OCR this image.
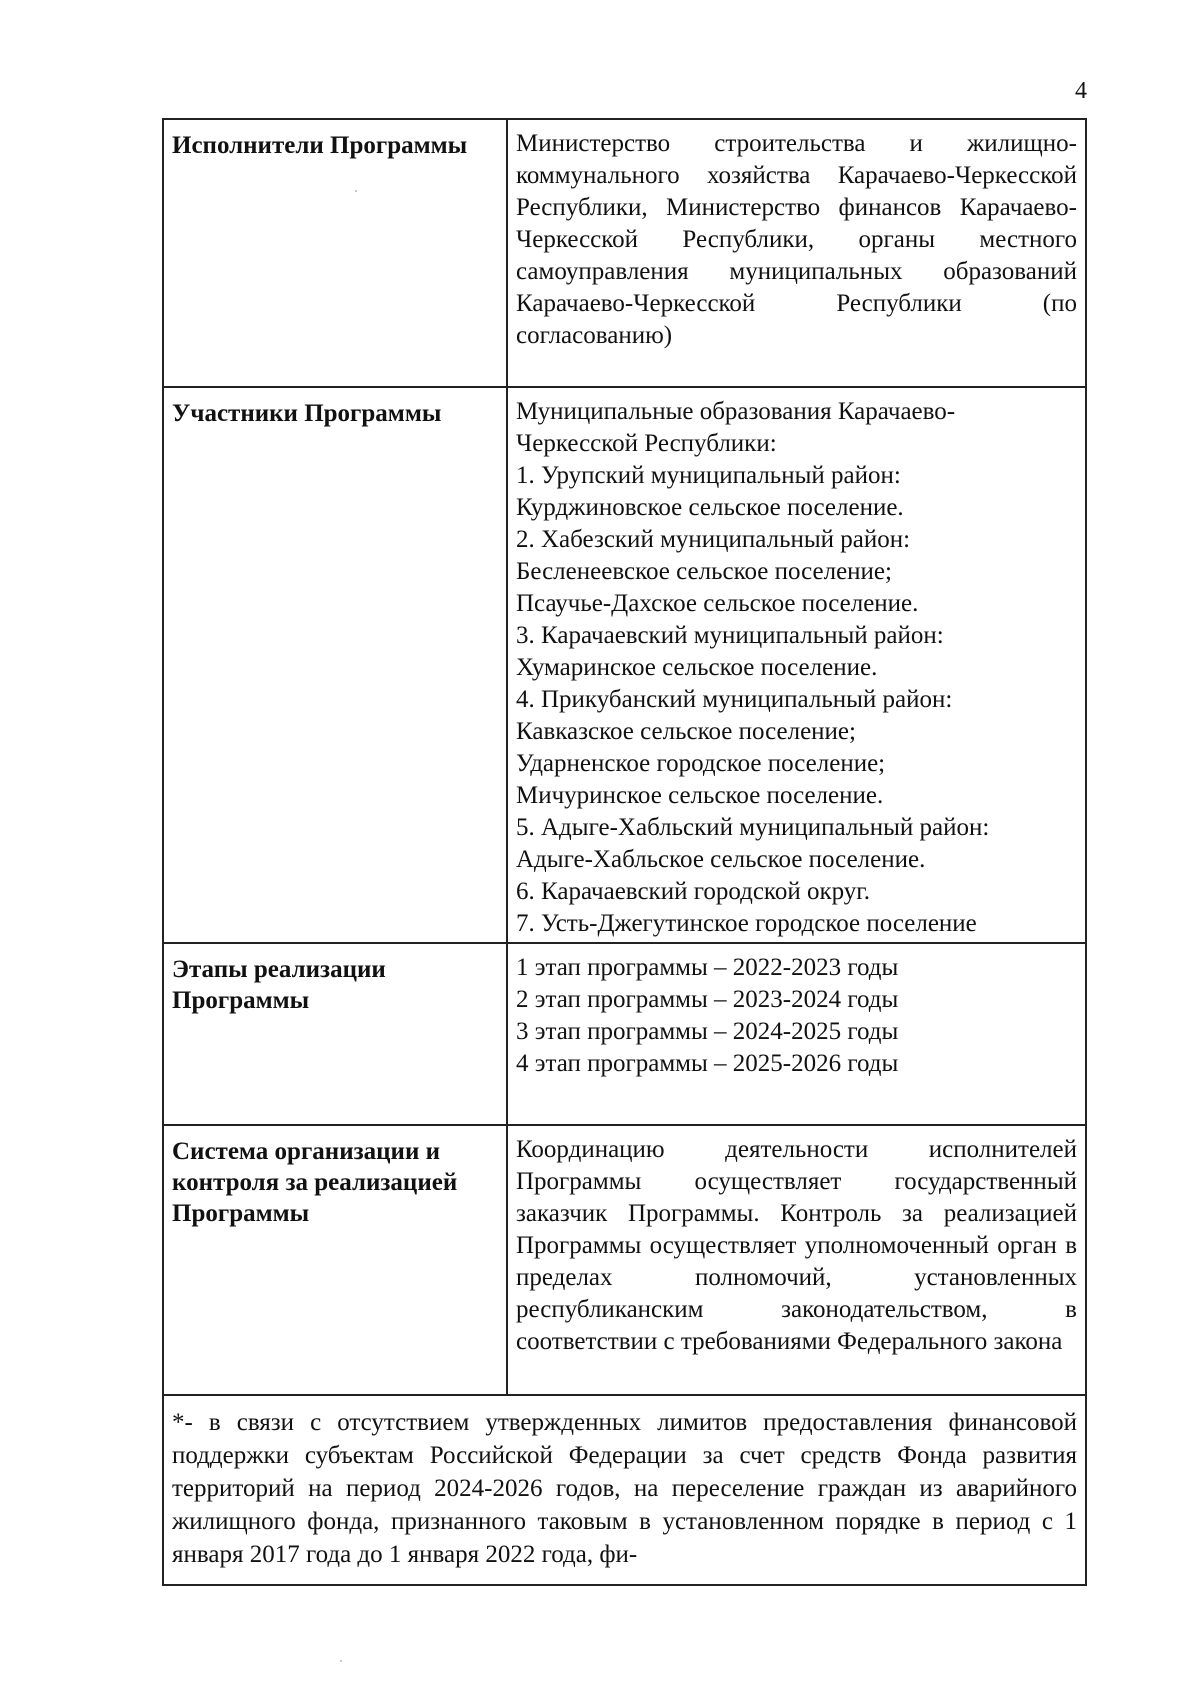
4
Исполнители Программы	Министерство строительства и жилищно-коммунального хозяйства Карачаево-Черкесской Республики, Министерство финансов Карачаево-Черкесской Республики, органы местного самоуправления муниципальных образований Карачаево-Черкесской Республики (по согласованию)
Участники Программы	Муниципальные образования Карачаево-Черкесской Республики:
1. Урупский муниципальный район:
Курджиновское сельское поселение.
2. Хабезский муниципальный район:
Бесленеевское сельское поселение;
Псаучье-Дахское сельское поселение.
3. Карачаевский муниципальный район:
Хумаринское сельское поселение.
4. Прикубанский муниципальный район:
Кавказское сельское поселение;
Ударненское городское поселение;
Мичуринское сельское поселение.
5. Адыге-Хабльский муниципальный район:
Адыге-Хабльское сельское поселение.
6. Карачаевский городской округ.
7. Усть-Джегутинское городское поселение
Этапы реализации Программы
1 этап программы – 2022-2023 годы
2 этап программы – 2023-2024 годы
3 этап программы – 2024-2025 годы
4 этап программы – 2025-2026 годы
Система организации и контроля за реализацией Программы
Координацию деятельности исполнителей Программы осуществляет государственный заказчик Программы. Контроль за реализацией Программы осуществляет уполномоченный орган в пределах полномочий, установленных республиканским законодательством, в соответствии с требованиями Федерального закона
*- в связи с отсутствием утвержденных лимитов предоставления финансовой поддержки субъектам Российской Федерации за счет средств Фонда развития территорий на период 2024-2026 годов, на переселение граждан из аварийного жилищного фонда, признанного таковым в установленном порядке в период с 1 января 2017 года до 1 января 2022 года, фи-
